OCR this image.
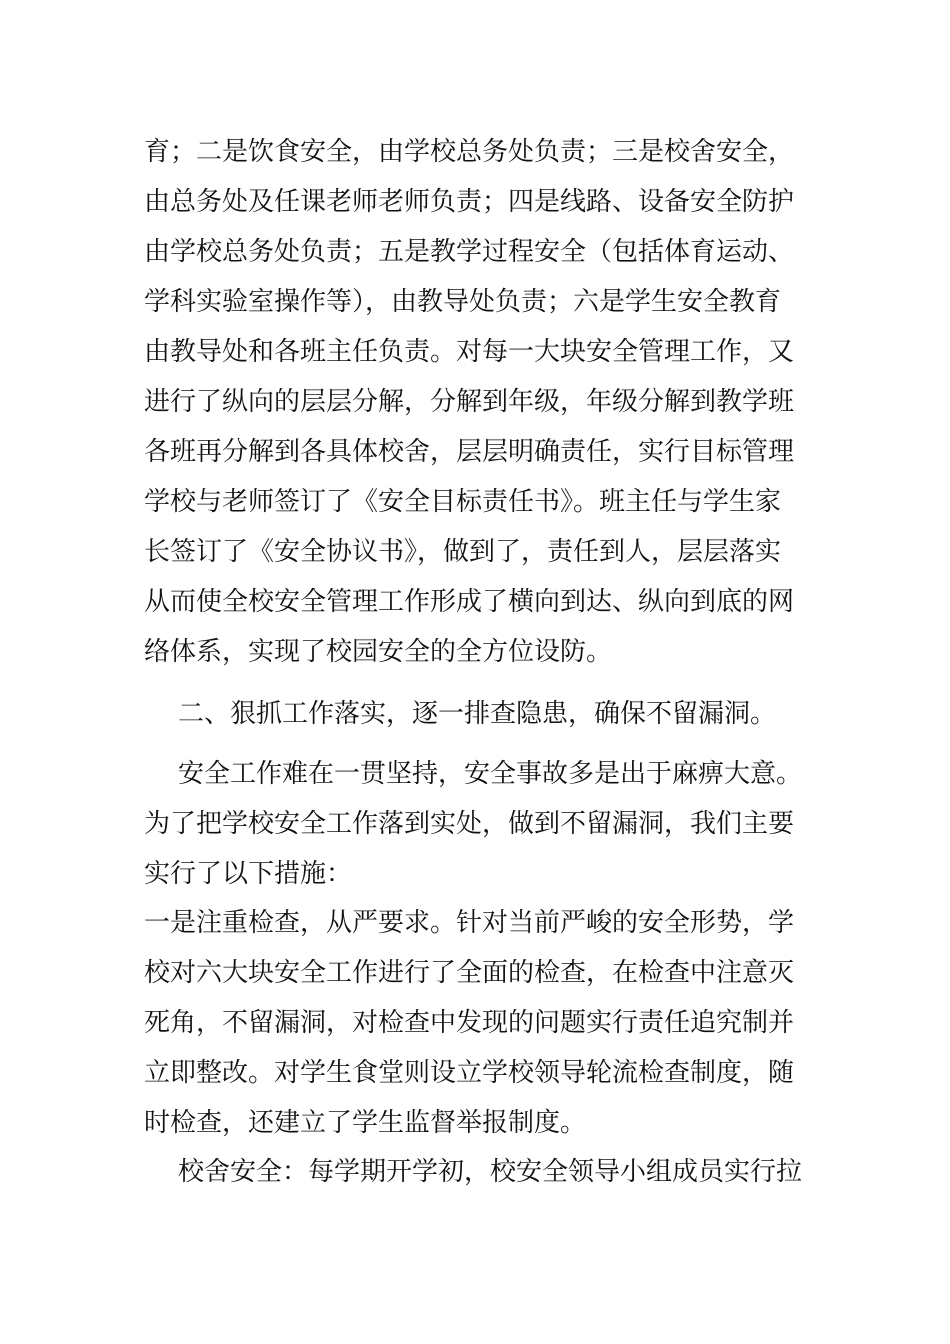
育；二是饮食安全，由学校总务处负责；三是校舍安全，
由总务处及任课老师老师负责；四是线路、设备安全防护
由学校总务处负责；五是教学过程安全（包括体育运动、
学科实验室操作等），由教导处负责；六是学生安全教育
由教导处和各班主任负责。对每一大块安全管理工作，又
进行了纵向的层层分解，分解到年级，年级分解到教学班
各班再分解到各具体校舍，层层明确责任，实行目标管理
学校与老师签订了《安全目标责任书》。班主任与学生家
长签订了《安全协议书》，做到了，责任到人，层层落实
从而使全校安全管理工作形成了横向到达、纵向到底的网
络体系，实现了校园安全的全方位设防。
二、狠抓工作落实，逐一排查隐患，确保不留漏洞。
安全工作难在一贯坚持，安全事故多是出于麻痹大意。
为了把学校安全工作落到实处，做到不留漏洞，我们主要
实行了以下措施：
一是注重检查，从严要求。针对当前严峻的安全形势，学
校对六大块安全工作进行了全面的检查，在检查中注意灭
死角，不留漏洞，对检查中发现的问题实行责任追究制并
立即整改。对学生食堂则设立学校领导轮流检查制度，随
时检查，还建立了学生监督举报制度。
校舍安全：每学期开学初，校安全领导小组成员实行拉
